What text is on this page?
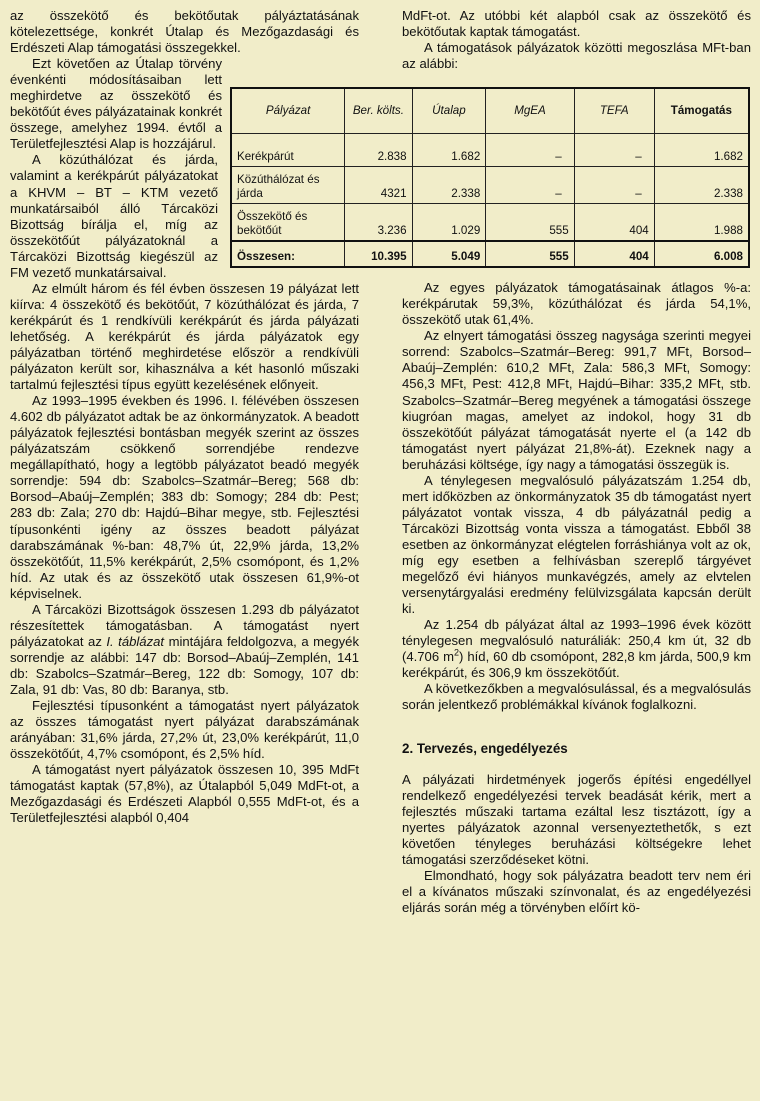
az összekötő és bekötőutak pályáztatásának kötelezettsége, konkrét Útalap és Mezőgazdasági és Erdészeti Alap támogatási összegekkel.

Ezt követően az Útalap törvény évenkénti módosításaiban lett meghirdetve az összekötő és bekötőút éves pályázatainak konkrét összege, amelyhez 1994. évtől a Területfejlesztési Alap is hozzájárul.

A közúthálózat és járda, valamint a kerékpárút pályázatokat a KHVM – BT – KTM vezető munkatársaiból álló Tárcaközi Bizottság bírálja el, míg az összekötőút pályázatoknál a Tárcaközi Bizottság kiegészül az FM vezető munkatársaival.

Az elmúlt három és fél évben összesen 19 pályázat lett kiírva: 4 összekötő és bekötőút, 7 közúthálózat és járda, 7 kerékpárút és 1 rendkívüli kerékpárút és járda pályázati lehetőség. A kerékpárút és járda pályázatok egy pályázatban történő meghirdetése először a rendkívüli pályázaton került sor, kihasználva a két hasonló műszaki tartalmú fejlesztési típus együtt kezelésének előnyeit.

Az 1993–1995 években és 1996. I. félévében összesen 4.602 db pályázatot adtak be az önkormányzatok. A beadott pályázatok fejlesztési bontásban megyék szerint az összes pályázatszám csökkenő sorrendjébe rendezve megállapítható, hogy a legtöbb pályázatot beadó megyék sorrendje: 594 db: Szabolcs–Szatmár–Bereg; 568 db: Borsod–Abaúj–Zemplén; 383 db: Somogy; 284 db: Pest; 283 db: Zala; 270 db: Hajdú–Bihar megye, stb. Fejlesztési típusonkénti igény az összes beadott pályázat darabszámának %-ban: 48,7% út, 22,9% járda, 13,2% összekötőút, 11,5% kerékpárút, 2,5% csomópont, és 1,2% híd. Az utak és az összekötő utak összesen 61,9%-ot képviselnek.

A Tárcaközi Bizottságok összesen 1.293 db pályázatot részesítettek támogatásban. A támogatást nyert pályázatokat az I. táblázat mintájára feldolgozva, a megyék sorrendje az alábbi: 147 db: Borsod–Abaúj–Zemplén, 141 db: Szabolcs–Szatmár–Bereg, 122 db: Somogy, 107 db: Zala, 91 db: Vas, 80 db: Baranya, stb.

Fejlesztési típusonként a támogatást nyert pályázatok az összes támogatást nyert pályázat darabszámának arányában: 31,6% járda, 27,2% út, 23,0% kerékpárút, 11,0 összekötőút, 4,7% csomópont, és 2,5% híd.

A támogatást nyert pályázatok összesen 10, 395 MdFt támogatást kaptak (57,8%), az Útalapból 5,049 MdFt-ot, a Mezőgazdasági és Erdészeti Alapból 0,555 MdFt-ot, és a Területfejlesztési alapból 0,404

Pályázat	Ber. költs.	Útalap	MgEA	TEFA	Támogatás
Kerékpárút	2.838	1.682	–	–	1.682
Közúthálózat és járda	4321	2.338	–	–	2.338
Összekötő és bekötőút	3.236	1.029	555	404	1.988
Összesen:	10.395	5.049	555	404	6.008

MdFt-ot. Az utóbbi két alapból csak az összekötő és bekötőutak kaptak támogatást.

A támogatások pályázatok közötti megoszlása MFt-ban az alábbi:

Az egyes pályázatok támogatásainak átlagos %-a: kerékpárutak 59,3%, közúthálózat és járda 54,1%, összekötő utak 61,4%.

Az elnyert támogatási összeg nagysága szerinti megyei sorrend: Szabolcs–Szatmár–Bereg: 991,7 MFt, Borsod–Abaúj–Zemplén: 610,2 MFt, Zala: 586,3 MFt, Somogy: 456,3 MFt, Pest: 412,8 MFt, Hajdú–Bihar: 335,2 MFt, stb. Szabolcs–Szatmár–Bereg megyének a támogatási összege kiugróan magas, amelyet az indokol, hogy 31 db összekötőút pályázat támogatását nyerte el (a 142 db támogatást nyert pályázat 21,8%-át). Ezeknek nagy a beruházási költsége, így nagy a támogatási összegük is.

A ténylegesen megvalósuló pályázatszám 1.254 db, mert időközben az önkormányzatok 35 db támogatást nyert pályázatot vontak vissza, 4 db pályázatnál pedig a Tárcaközi Bizottság vonta vissza a támogatást. Ebből 38 esetben az önkormányzat elégtelen forráshiánya volt az ok, míg egy esetben a felhívásban szereplő tárgyévet megelőző évi hiányos munkavégzés, amely az elvtelen versenytárgyalási eredmény felülvizsgálata kapcsán derült ki.

Az 1.254 db pályázat által az 1993–1996 évek között ténylegesen megvalósuló naturáliák: 250,4 km út, 32 db (4.706 $m^2$) híd, 60 db csomópont, 282,8 km járda, 500,9 km kerékpárút, és 306,9 km összekötőút.

A következőkben a megvalósulással, és a megvalósulás során jelentkező problémákkal kívánok foglalkozni.

2. Tervezés, engedélyezés

A pályázati hirdetmények jogerős építési engedéllyel rendelkező engedélyezési tervek beadását kérik, mert a fejlesztés műszaki tartama ezáltal lesz tisztázott, így a nyertes pályázatok azonnal versenyeztethetők, s ezt követően tényleges beruházási költségekre lehet támogatási szerződéseket kötni.

Elmondható, hogy sok pályázatra beadott terv nem éri el a kívánatos műszaki színvonalat, és az engedélyezési eljárás során még a törvényben előírt kö-
